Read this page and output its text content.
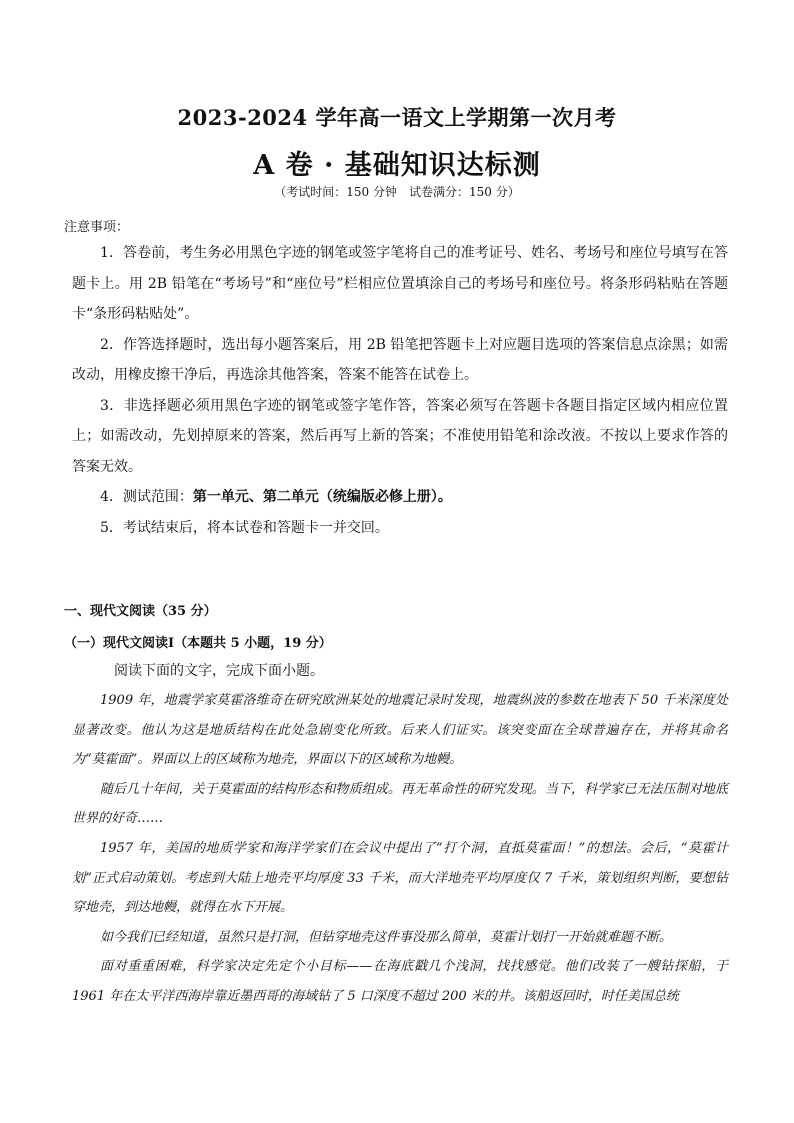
2023-2024 学年高一语文上学期第一次月考
A 卷 · 基础知识达标测
（考试时间：150 分钟　试卷满分：150 分）
注意事项：

1．答卷前，考生务必用黑色字迹的钢笔或签字笔将自己的准考证号、姓名、考场号和座位号填写在答题卡上。用 2B 铅笔在“考场号”和“座位号”栏相应位置填涂自己的考场号和座位号。将条形码粘贴在答题卡“条形码粘贴处”。

2．作答选择题时，选出每小题答案后，用 2B 铅笔把答题卡上对应题目选项的答案信息点涂黑；如需改动，用橡皮擦干净后，再选涂其他答案，答案不能答在试卷上。

3．非选择题必须用黑色字迹的钢笔或签字笔作答，答案必须写在答题卡各题目指定区域内相应位置上；如需改动，先划掉原来的答案，然后再写上新的答案；不准使用铅笔和涂改液。不按以上要求作答的答案无效。

4．测试范围：第一单元、第二单元（统编版必修上册）。

5．考试结束后，将本试卷和答题卡一并交回。

一、现代文阅读（35 分）
（一）现代文阅读Ⅰ（本题共 5 小题，19 分）
阅读下面的文字，完成下面小题。

1909 年，地震学家莫霍洛维奇在研究欧洲某处的地震记录时发现，地震纵波的参数在地表下 50 千米深度处显著改变。他认为这是地质结构在此处急剧变化所致。后来人们证实。该突变面在全球普遍存在，并将其命名为“莫霍面”。界面以上的区域称为地壳，界面以下的区域称为地幔。

随后几十年间，关于莫霍面的结构形态和物质组成。再无革命性的研究发现。当下，科学家已无法压制对地底世界的好奇……

1957 年，美国的地质学家和海洋学家们在会议中提出了“打个洞，直抵莫霍面！”的想法。会后，“莫霍计划”正式启动策划。考虑到大陆上地壳平均厚度 33 千米，而大洋地壳平均厚度仅 7 千米，策划组织判断，要想钻穿地壳，到达地幔，就得在水下开展。

如今我们已经知道，虽然只是打洞，但钻穿地壳这件事没那么简单，莫霍计划打一开始就难题不断。

面对重重困难，科学家决定先定个小目标——在海底戳几个浅洞，找找感觉。他们改装了一艘钻探船，于 1961 年在太平洋西海岸靠近墨西哥的海域钻了 5 口深度不超过 200 米的井。该船返回时，时任美国总统
